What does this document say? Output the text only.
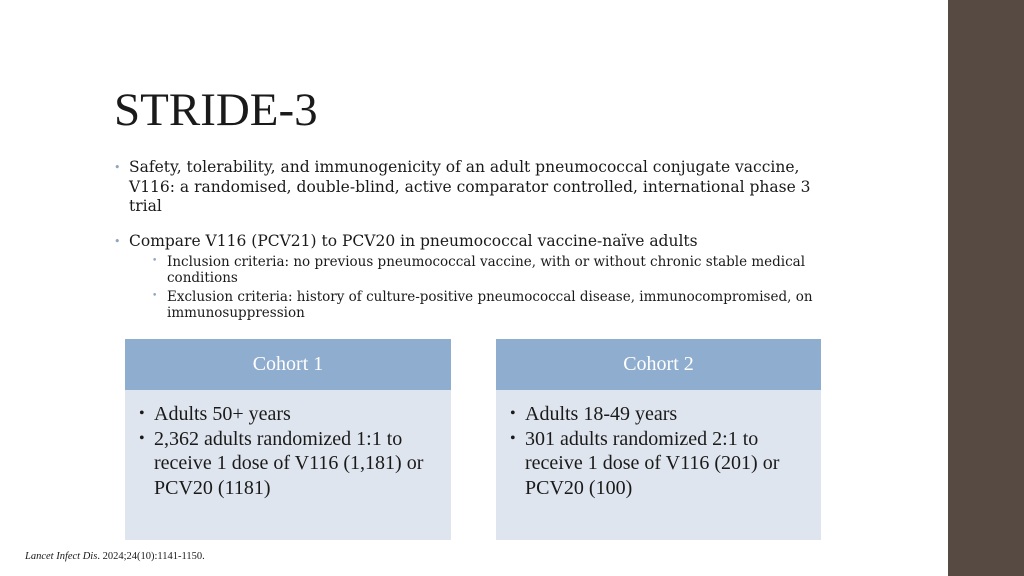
STRIDE-3
• Safety, tolerability, and immunogenicity of an adult pneumococcal conjugate vaccine, V116: a randomised, double-blind, active comparator controlled, international phase 3 trial
• Compare V116 (PCV21) to PCV20 in pneumococcal vaccine-naïve adults
• Inclusion criteria: no previous pneumococcal vaccine, with or without chronic stable medical conditions
• Exclusion criteria: history of culture-positive pneumococcal disease, immunocompromised, on immunosuppression
Cohort 1
• Adults 50+ years
• 2,362 adults randomized 1:1 to receive 1 dose of V116 (1,181) or PCV20 (1181)
Cohort 2
• Adults 18-49 years
• 301 adults randomized 2:1 to receive 1 dose of V116 (201) or PCV20 (100)
Lancet Infect Dis. 2024;24(10):1141-1150.
